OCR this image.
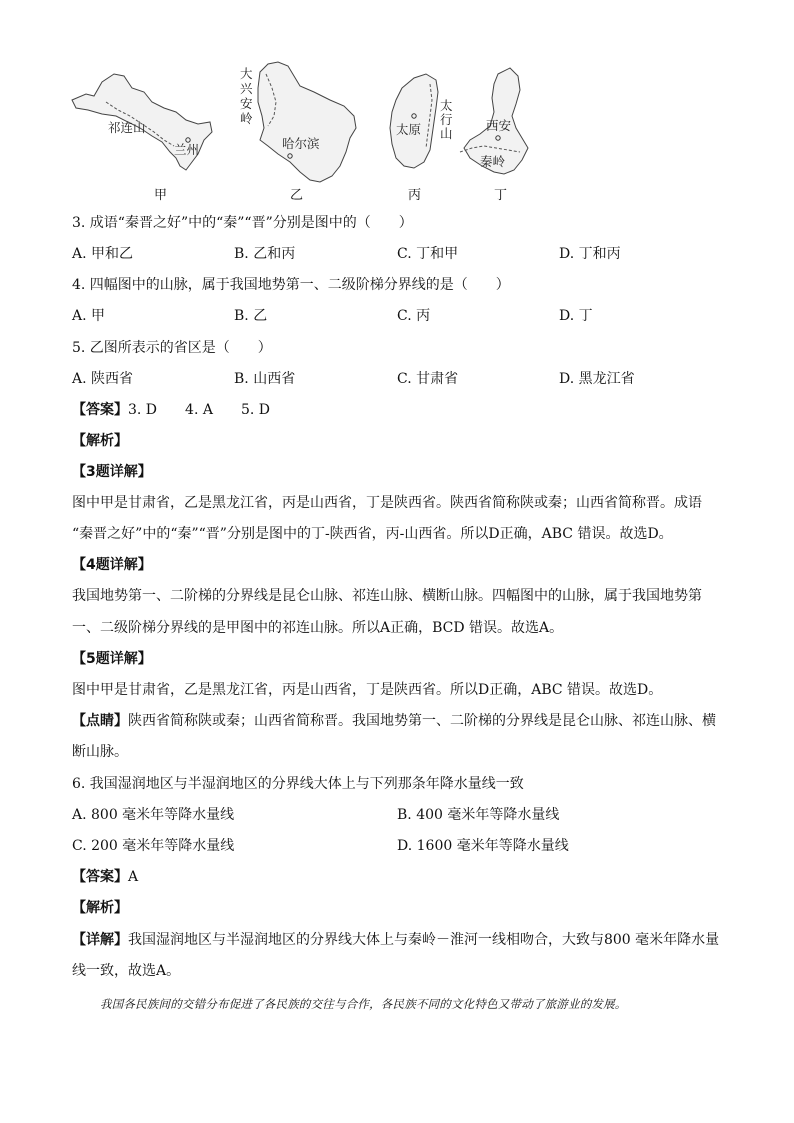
祁连山
兰州
甲
大
兴
安
岭
哈尔滨
乙
太原
太
行
山
丙
西安
秦岭
丁
3. 成语“秦晋之好”中的“秦”“晋”分别是图中的（　　）
A. 甲和乙	B. 乙和丙	C. 丁和甲	D. 丁和丙
4. 四幅图中的山脉，属于我国地势第一、二级阶梯分界线的是（　　）
A. 甲	B. 乙	C. 丙	D. 丁
5. 乙图所表示的省区是（　　）
A. 陕西省	B. 山西省	C. 甘肃省	D. 黑龙江省
【答案】3. D　　4. A　　5. D
【解析】
【3题详解】
图中甲是甘肃省，乙是黑龙江省，丙是山西省，丁是陕西省。陕西省简称陕或秦；山西省简称晋。成语
“秦晋之好”中的“秦”“晋”分别是图中的丁-陕西省，丙-山西省。所以D正确，ABC 错误。故选D。
【4题详解】
我国地势第一、二阶梯的分界线是昆仑山脉、祁连山脉、横断山脉。四幅图中的山脉，属于我国地势第
一、二级阶梯分界线的是甲图中的祁连山脉。所以A正确，BCD 错误。故选A。
【5题详解】
图中甲是甘肃省，乙是黑龙江省，丙是山西省，丁是陕西省。所以D正确，ABC 错误。故选D。
【点睛】陕西省简称陕或秦；山西省简称晋。我国地势第一、二阶梯的分界线是昆仑山脉、祁连山脉、横
断山脉。
6. 我国湿润地区与半湿润地区的分界线大体上与下列那条年降水量线一致
A. 800 毫米年等降水量线	B. 400 毫米年等降水量线
C. 200 毫米年等降水量线	D. 1600 毫米年等降水量线
【答案】A
【解析】
【详解】我国湿润地区与半湿润地区的分界线大体上与秦岭－淮河一线相吻合，大致与800 毫米年降水量
线一致，故选A。
我国各民族间的交错分布促进了各民族的交往与合作，各民族不同的文化特色又带动了旅游业的发展。
